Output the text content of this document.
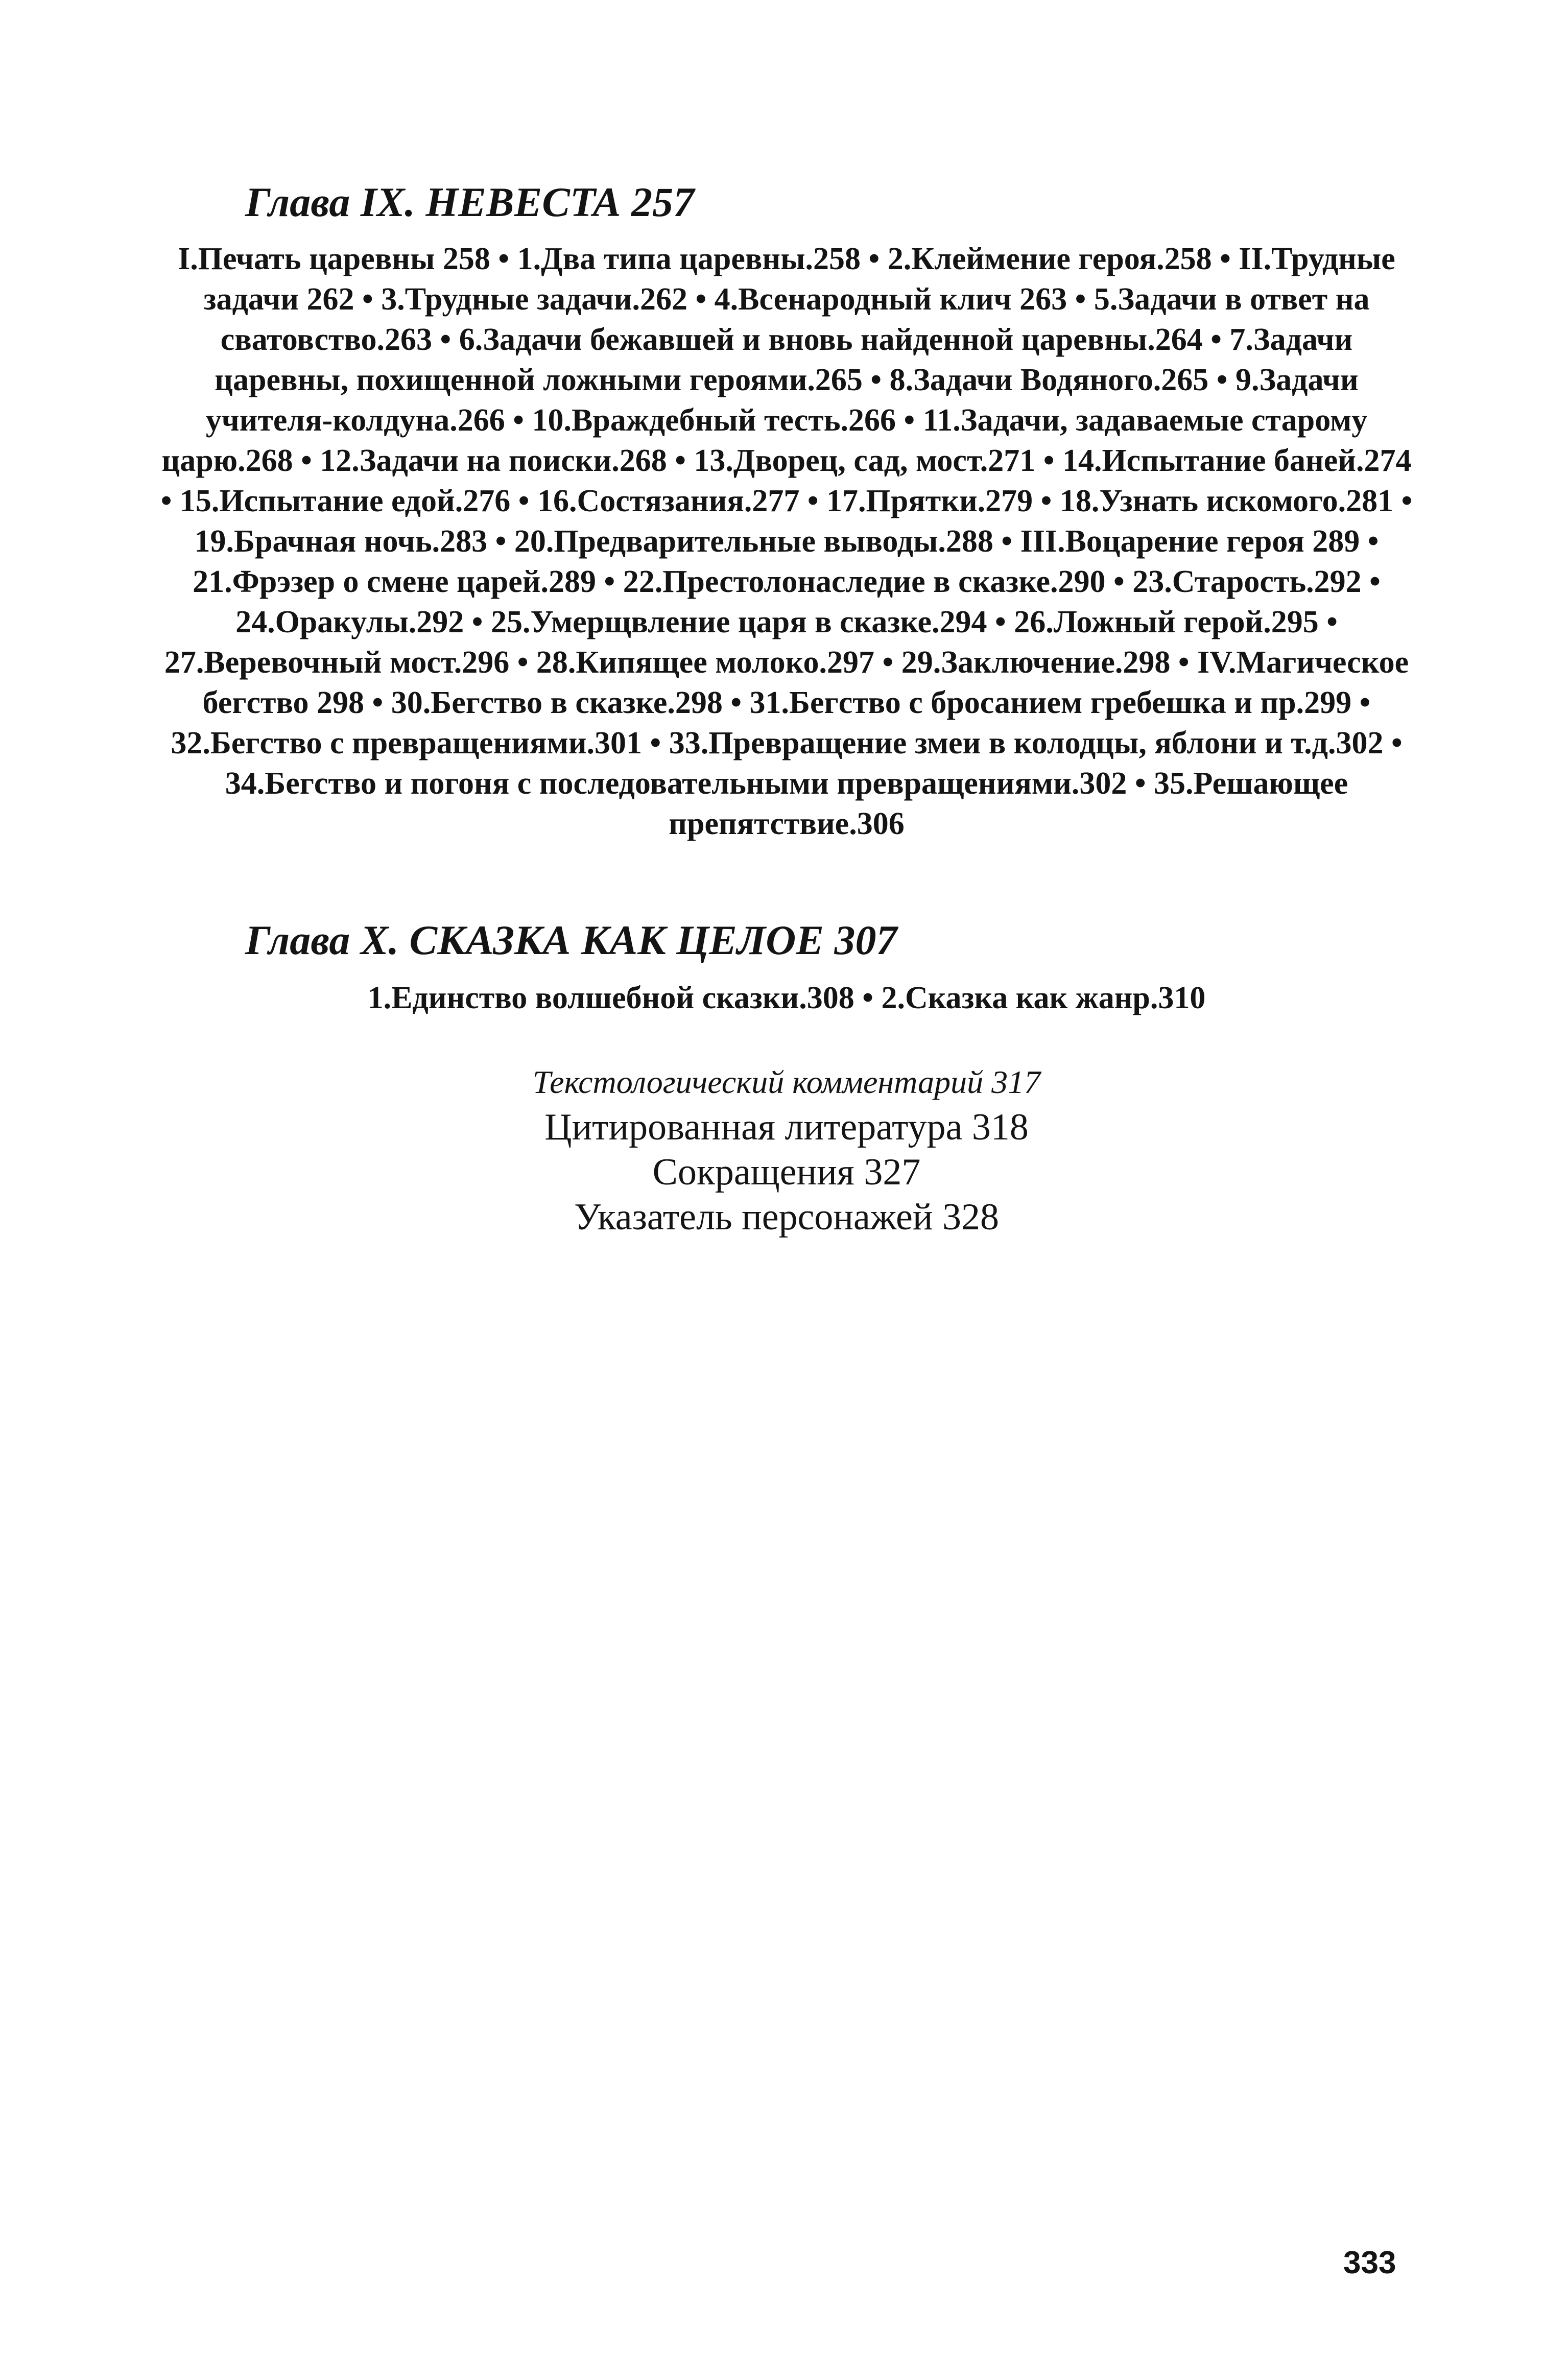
Глава IX. НЕВЕСТА 257
I.Печать царевны 258 • 1.Два типа царевны.258 • 2.Клеймение героя.258 • II.Трудные задачи 262 • 3.Трудные задачи.262 • 4.Всенародный клич 263 • 5.Задачи в ответ на сватовство.263 • 6.Задачи бежавшей и вновь найденной царевны.264 • 7.Задачи царевны, похищенной ложными героями.265 • 8.Задачи Водяного.265 • 9.Задачи учителя-колдуна.266 • 10.Враждебный тесть.266 • 11.Задачи, задаваемые старому царю.268 • 12.Задачи на поиски.268 • 13.Дворец, сад, мост.271 • 14.Испытание баней.274 • 15.Испытание едой.276 • 16.Состязания.277 • 17.Прятки.279 • 18.Узнать искомого.281 • 19.Брачная ночь.283 • 20.Предварительные выводы.288 • III.Воцарение героя 289 • 21.Фрэзер о смене царей.289 • 22.Престолонаследие в сказке.290 • 23.Старость.292 • 24.Оракулы.292 • 25.Умерщвление царя в сказке.294 • 26.Ложный герой.295 • 27.Веревочный мост.296 • 28.Кипящее молоко.297 • 29.Заключение.298 • IV.Магическое бегство 298 • 30.Бегство в сказке.298 • 31.Бегство с бросанием гребешка и пр.299 • 32.Бегство с превращениями.301 • 33.Превращение змеи в колодцы, яблони и т.д.302 • 34.Бегство и погоня с последовательными превращениями.302 • 35.Решающее препятствие.306
Глава X. СКАЗКА КАК ЦЕЛОЕ 307
1.Единство волшебной сказки.308 • 2.Сказка как жанр.310
Текстологический комментарий 317
Цитированная литература 318
Сокращения 327
Указатель персонажей 328
333
